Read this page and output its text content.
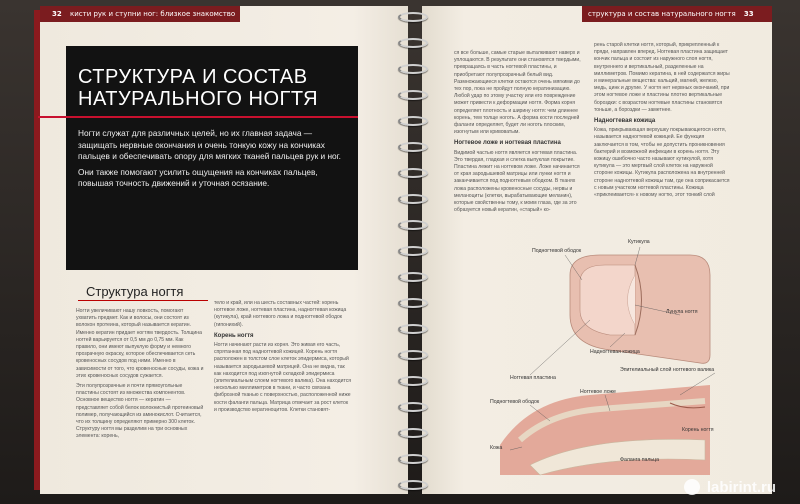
32 кисти рук и ступни ног: близкое знакомство
СТРУКТУРА И СОСТАВ НАТУРАЛЬНОГО НОГТЯ

Ногти служат для различных целей, но их главная задача — защищать нервные окончания и очень тонкую кожу на кончиках пальцев и обеспечивать опору для мягких тканей пальцев рук и ног.

Они также помогают усилить ощущения на кончиках пальцев, повышая точность движений и уточная осязание.

Структура ногтя

Ногти увеличивают нашу ловкость, помогают ухватить предмет. Как и волосы, они состоят из волокон протеина, который называется кератин. Именно кератин придает ногтям твердость. Толщина ногтей варьируется от 0,5 мм до 0,75 мм. Как правило, они имеют выпуклую форму и немного прозрачную окраску, которое обеспечивается сеть кровеносных сосудов под ними. Именно в зависимости от того, что кровеносные сосуды, кожа и этих кровеносных сосудов сужается.

Эти полупрозрачные и почти прямоугольные пластины состоят из множества компонентов. Основное вещество ногтя — кератин — представляет собой белок волокнистый протеиновый полимер, получающийся из аминокислот. Считается, что их толщину определяют примерно 300 клеток. Структуру ногтя мы разделим на три основных элемента: корень,

тело и край, или на шесть составных частей: корень ногтевое ложе, ногтевая пластина, надногтевая кожица (кутикула), край ногтевого ложа и подногтевой ободок (гипонихий).

Корень ногтя

Ногти начинают расти из корня. Это живая его часть, спрятанная под надногтевой кожицей. Корень ногтя расположен в толстом слое клеток эпидермиса, который называется зародышевой матрицей. Она не видна, так как находится под изогнутой складкой эпидермиса (эпителиальным слоем ногтевого валика). Она находится несколько миллиметров в ткани, и часто связана фиброзной тканью с поверхностью, расположенной ниже кости фаланги пальца. Матрица отвечает за рост клеток и производство кератиноцитов. Клетки становят-

структура и состав натурального ногтя 33

ся все больше, самые старые выталкивают наверх и уплощаются. В результате они становятся твердыми, превращаясь в часть ногтевой пластины, и приобретают полупрозрачный белый вид. Размножающиеся клетки остаются очень мягкими до тех пор, пока не пройдут полную кератинизацию. Любой удар по этому участку или его повреждение может привести к деформации ногтя. Форма корня определяет плотность и ширину ногтя: чем длиннее корень, тем толще ноготь. А форма кости последней фаланги определяет, будет ли ноготь плоским, изогнутым или кривоватым.

Ногтевое ложе и ногтевая пластина

Видимой частью ногтя является ногтевая пластина. Это твердая, гладкая и слегка выпуклая покрытие. Пластина лежит на ногтевом ложе. Ложе начинается от края зародышевой матрицы или лунки ногтя и заканчивается под подногтевым ободком. В тканях ложа расположены кровеносные сосуды, нервы и меланоциты (клетки, вырабатывающие меланин), которые свойственны тому, к моим глаза, где за это образуется новый кератин, «старый» ко-

рень старой клетки ногтя, который, прикрепленный к пряди, направлен вперед. Ногтевая пластина защищает кончик пальца и состоит из наружного слоя ногтя, внутреннего и вертикальный, разделенные на миллиметров. Помимо кератина, в ней содержатся жиры и минеральные вещества: кальций, магний, железо, медь, цинк и другие. У ногтя нет нервных окончаний, при этом ногтевое ложе и пластины плотно вертикальные бороздки: с возрастом ногтевые пластины становятся тоньше, а бороздки — заметнее.

Надногтевая кожица

Кожа, прикрывающая верхушку покрывающегося ногтя, называется надногтевой кожицей. Ее функция заключается в том, чтобы не допустить проникновения бактерий и возможной инфекции в корень ногтя. Эту кожицу ошибочно часто называют кутикулой, хотя кутикула — это мертвый слой клеток на наружной стороне кожицы. Кутикула расположена на внутренней стороне надногтевой кожицы там, где она соприкасается с новым участком ногтевой пластины. Кожица «приклеивается» к новому ногтю, этот тонкий слой

Подногтевой ободок
Кутикула
Лунула ногтя
Надногтевая кожица
Ногтевая пластина
Эпителиальный слой ногтевого валика
Подногтевой ободок
Ногтевое ложе
Кожа
Корень ногтя
Фаланга пальца
labirint.ru
